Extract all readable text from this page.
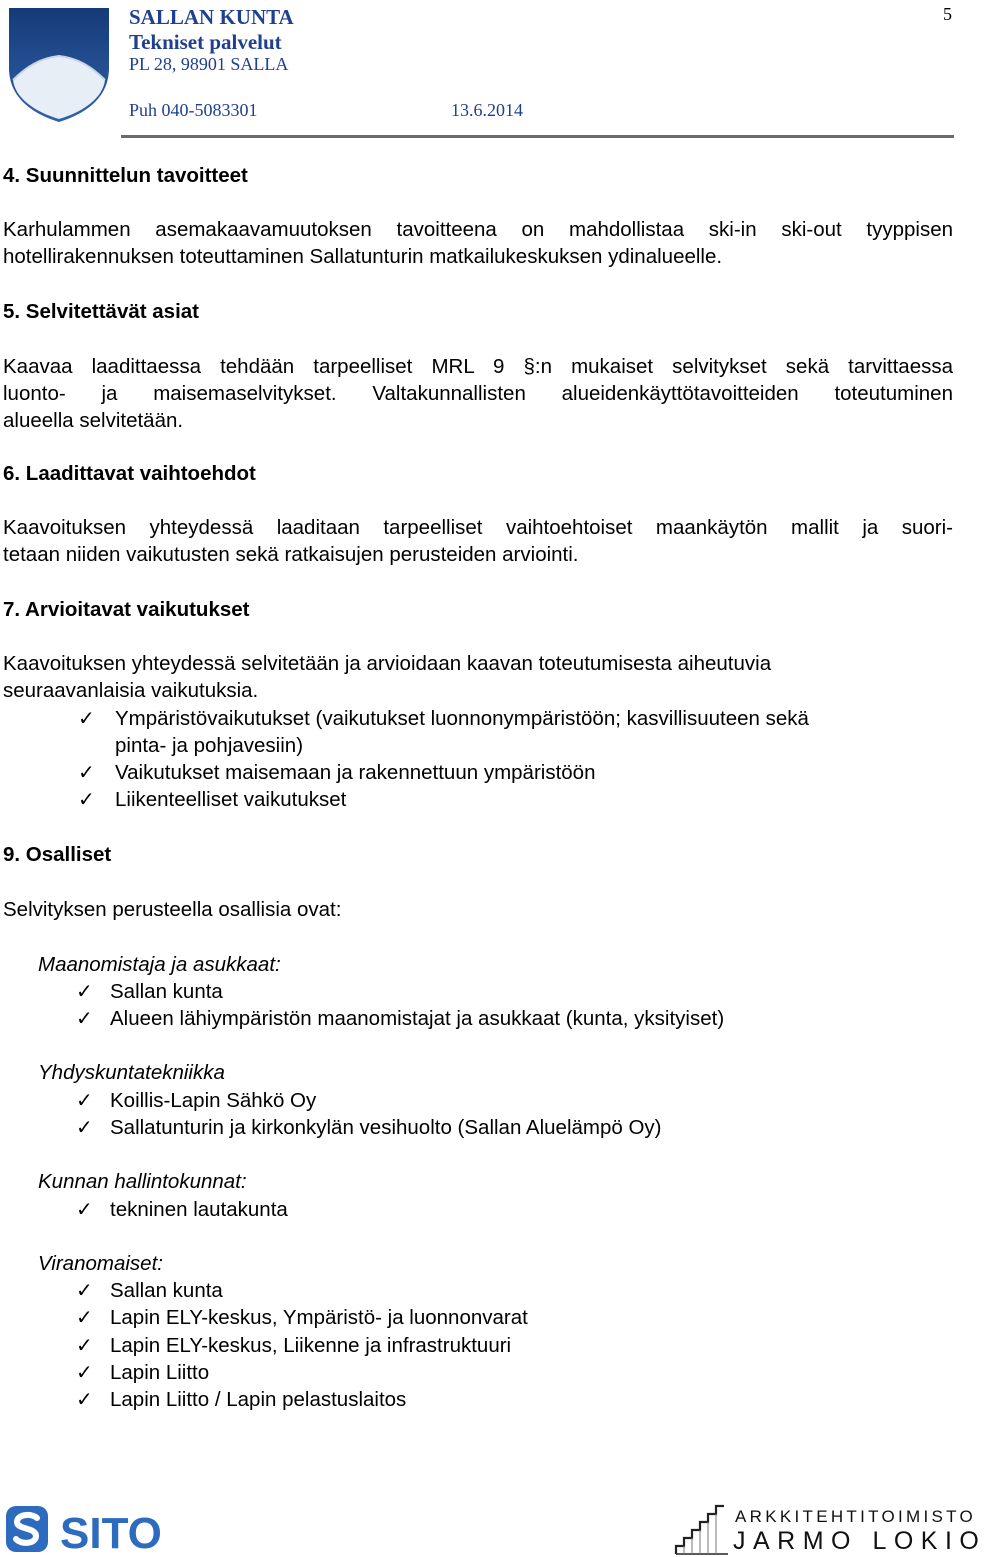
SALLAN KUNTA
Tekniset palvelut
PL 28, 98901 SALLA
Puh 040-5083301	13.6.2014
5
4. Suunnittelun tavoitteet
Karhulammen asemakaavamuutoksen tavoitteena on mahdollistaa ski-in ski-out tyyppisen
hotellirakennuksen toteuttaminen Sallatunturin matkailukeskuksen ydinalueelle.
5. Selvitettävät asiat
Kaavaa laadittaessa tehdään tarpeelliset MRL 9 §:n mukaiset selvitykset sekä tarvittaessa
luonto- ja maisemaselvitykset. Valtakunnallisten alueidenkäyttötavoitteiden toteutuminen
alueella selvitetään.
6. Laadittavat vaihtoehdot
Kaavoituksen yhteydessä laaditaan tarpeelliset vaihtoehtoiset maankäytön mallit ja suori-
tetaan niiden vaikutusten sekä ratkaisujen perusteiden arviointi.
7. Arvioitavat vaikutukset
Kaavoituksen yhteydessä selvitetään ja arvioidaan kaavan toteutumisesta aiheutuvia
seuraavanlaisia vaikutuksia.
✓ Ympäristövaikutukset (vaikutukset luonnonympäristöön; kasvillisuuteen sekä
pinta- ja pohjavesiin)
✓ Vaikutukset maisemaan ja rakennettuun ympäristöön
✓ Liikenteelliset vaikutukset
9. Osalliset
Selvityksen perusteella osallisia ovat:
Maanomistaja ja asukkaat:
✓ Sallan kunta
✓ Alueen lähiympäristön maanomistajat ja asukkaat (kunta, yksityiset)
Yhdyskuntatekniikka
✓ Koillis-Lapin Sähkö Oy
✓ Sallatunturin ja kirkonkylän vesihuolto (Sallan Aluelämpö Oy)
Kunnan hallintokunnat:
✓ tekninen lautakunta
Viranomaiset:
✓ Sallan kunta
✓ Lapin ELY-keskus, Ympäristö- ja luonnonvarat
✓ Lapin ELY-keskus, Liikenne ja infrastruktuuri
✓ Lapin Liitto
✓ Lapin Liitto / Lapin pelastuslaitos
SITO	ARKKITEHTITOIMISTO
JARMO LOKIO
